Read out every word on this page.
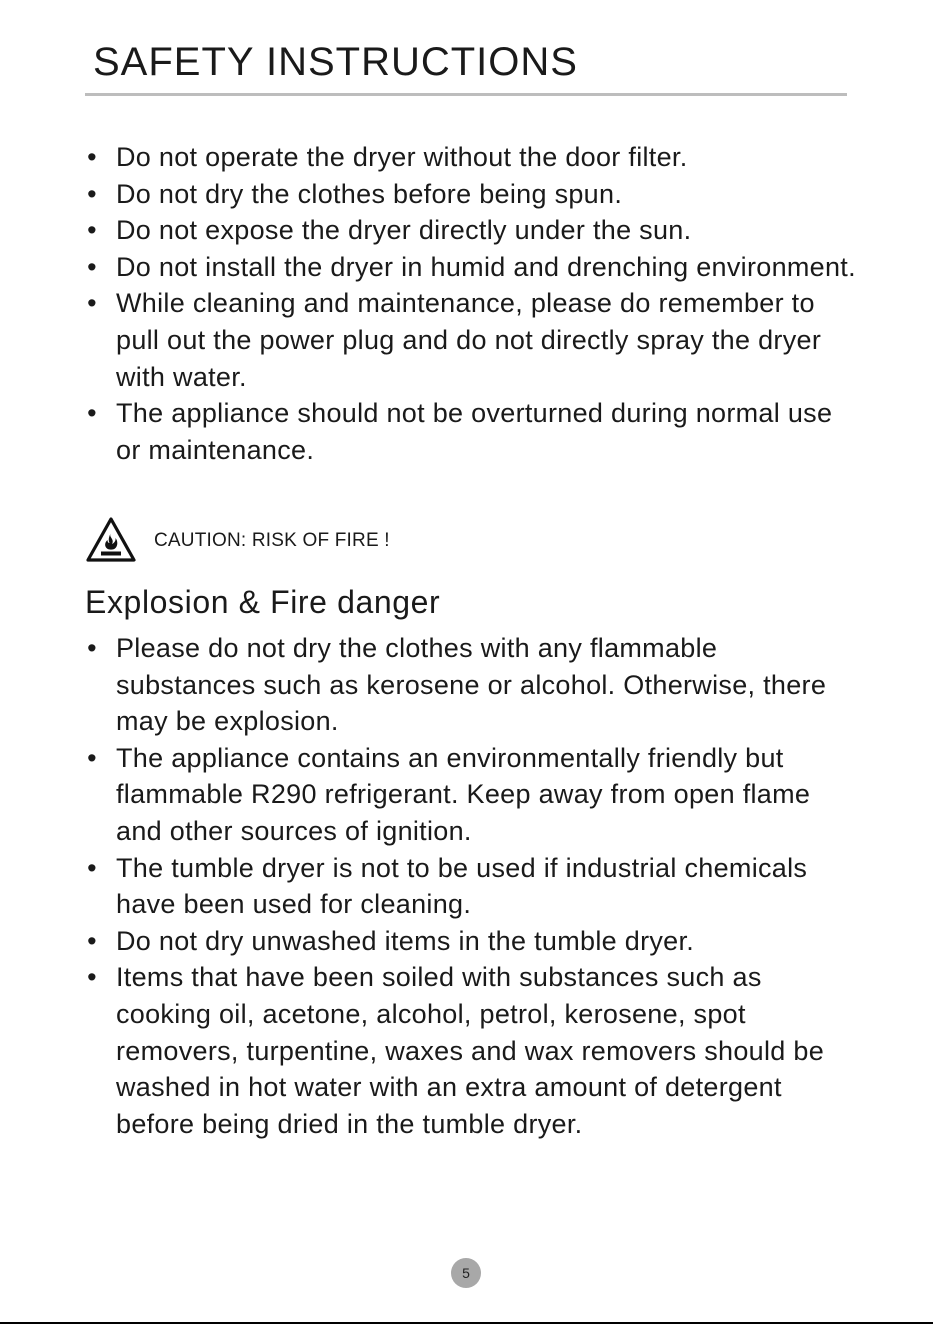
SAFETY INSTRUCTIONS
• Do not operate the dryer without the door filter.
• Do not dry the clothes before being spun.
• Do not expose the dryer directly under the sun.
• Do not install the dryer in humid and drenching environment.
• While cleaning and maintenance, please do remember to
pull out the power plug and do not directly spray the dryer
with water.
• The appliance should not be overturned during normal use
or maintenance.
CAUTION: RISK OF FIRE !
Explosion & Fire danger
• Please do not dry the clothes with any flammable
substances such as kerosene or alcohol. Otherwise, there
may be explosion.
• The appliance contains an environmentally friendly but
flammable R290 refrigerant. Keep away from open flame
and other sources of ignition.
• The tumble dryer is not to be used if industrial chemicals
have been used for cleaning.
• Do not dry unwashed items in the tumble dryer.
• Items that have been soiled with substances such as
cooking oil, acetone, alcohol, petrol, kerosene, spot
removers, turpentine, waxes and wax removers should be
washed in hot water with an extra amount of detergent
before being dried in the tumble dryer.
5
